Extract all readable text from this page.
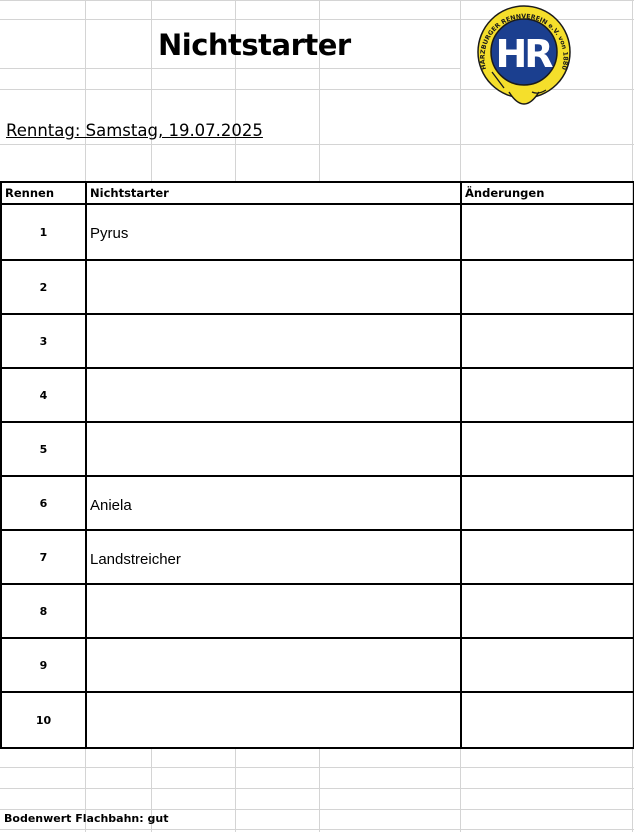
Nichtstarter
Renntag: Samstag, 19.07.2025
HR
HARZBURGER RENNVEREIN e.V. von 1880
Rennen	Nichtstarter	Änderungen
1	Pyrus	
2		
3		
4		
5		
6	Aniela	
7	Landstreicher	
8		
9		
10		
Bodenwert Flachbahn: gut
